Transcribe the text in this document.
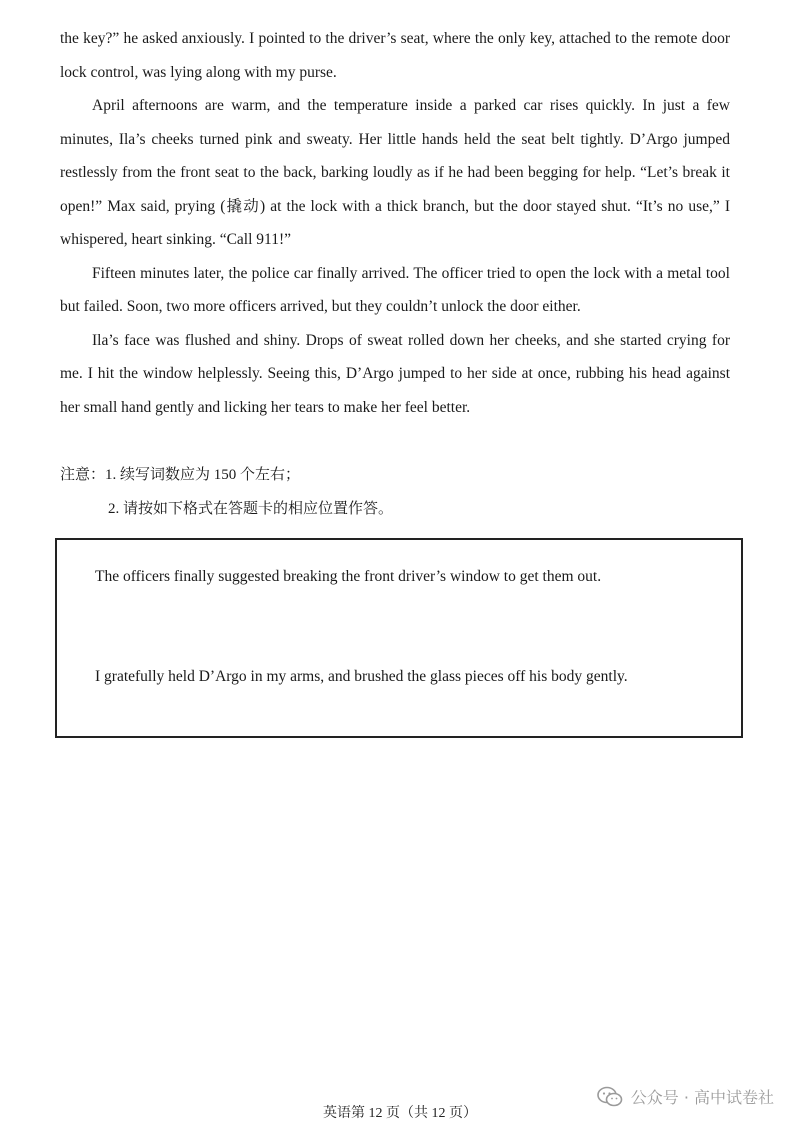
the key?” he asked anxiously. I pointed to the driver’s seat, where the only key, attached to the remote door lock control, was lying along with my purse.

April afternoons are warm, and the temperature inside a parked car rises quickly. In just a few minutes, Ila’s cheeks turned pink and sweaty. Her little hands held the seat belt tightly. D’Argo jumped restlessly from the front seat to the back, barking loudly as if he had been begging for help. “Let’s break it open!” Max said, prying (撬动) at the lock with a thick branch, but the door stayed shut. “It’s no use,” I whispered, heart sinking. “Call 911!”

Fifteen minutes later, the police car finally arrived. The officer tried to open the lock with a metal tool but failed. Soon, two more officers arrived, but they couldn’t unlock the door either.

Ila’s face was flushed and shiny. Drops of sweat rolled down her cheeks, and she started crying for me. I hit the window helplessly. Seeing this, D’Argo jumped to her side at once, rubbing his head against her small hand gently and licking her tears to make her feel better.

注意：1. 续写词数应为 150 个左右；
2. 请按如下格式在答题卡的相应位置作答。
The officers finally suggested breaking the front driver’s window to get them out.
I gratefully held D’Argo in my arms, and brushed the glass pieces off his body gently.
公众号 · 高中试卷社
英语第 12 页（共 12 页）
